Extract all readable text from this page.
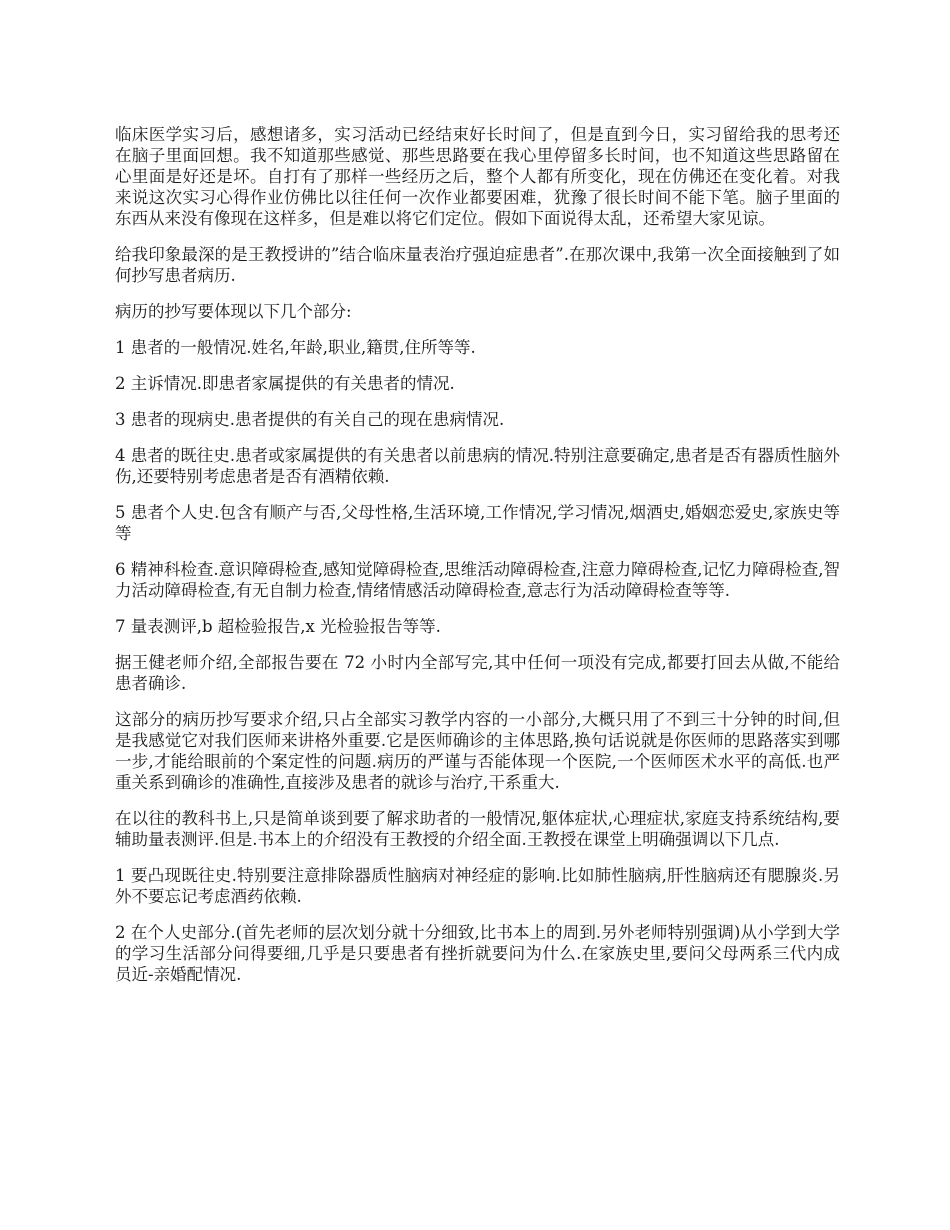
临床医学实习后，感想诸多，实习活动已经结束好长时间了，但是直到今日，实习留给我的思考还在脑子里面回想。我不知道那些感觉、那些思路要在我心里停留多长时间，也不知道这些思路留在心里面是好还是坏。自打有了那样一些经历之后，整个人都有所变化，现在仿佛还在变化着。对我来说这次实习心得作业仿佛比以往任何一次作业都要困难，犹豫了很长时间不能下笔。脑子里面的东西从来没有像现在这样多，但是难以将它们定位。假如下面说得太乱，还希望大家见谅。

给我印象最深的是王教授讲的”结合临床量表治疗强迫症患者”.在那次课中,我第一次全面接触到了如何抄写患者病历.

病历的抄写要体现以下几个部分:

1 患者的一般情况.姓名,年龄,职业,籍贯,住所等等.

2 主诉情况.即患者家属提供的有关患者的情况.

3 患者的现病史.患者提供的有关自己的现在患病情况.

4 患者的既往史.患者或家属提供的有关患者以前患病的情况.特别注意要确定,患者是否有器质性脑外伤,还要特别考虑患者是否有酒精依赖.

5 患者个人史.包含有顺产与否,父母性格,生活环境,工作情况,学习情况,烟酒史,婚姻恋爱史,家族史等等

6 精神科检查.意识障碍检查,感知觉障碍检查,思维活动障碍检查,注意力障碍检查,记忆力障碍检查,智力活动障碍检查,有无自制力检查,情绪情感活动障碍检查,意志行为活动障碍检查等等.

7 量表测评,b 超检验报告,x 光检验报告等等.

据王健老师介绍,全部报告要在 72 小时内全部写完,其中任何一项没有完成,都要打回去从做,不能给患者确诊.

这部分的病历抄写要求介绍,只占全部实习教学内容的一小部分,大概只用了不到三十分钟的时间,但是我感觉它对我们医师来讲格外重要.它是医师确诊的主体思路,换句话说就是你医师的思路落实到哪一步,才能给眼前的个案定性的问题.病历的严谨与否能体现一个医院,一个医师医术水平的高低.也严重关系到确诊的准确性,直接涉及患者的就诊与治疗,干系重大.

在以往的教科书上,只是简单谈到要了解求助者的一般情况,躯体症状,心理症状,家庭支持系统结构,要辅助量表测评.但是.书本上的介绍没有王教授的介绍全面.王教授在课堂上明确强调以下几点.

1 要凸现既往史.特别要注意排除器质性脑病对神经症的影响.比如肺性脑病,肝性脑病还有腮腺炎.另外不要忘记考虑酒药依赖.

2 在个人史部分.(首先老师的层次划分就十分细致,比书本上的周到.另外老师特别强调)从小学到大学的学习生活部分问得要细,几乎是只要患者有挫折就要问为什么.在家族史里,要问父母两系三代内成员近-亲婚配情况.
